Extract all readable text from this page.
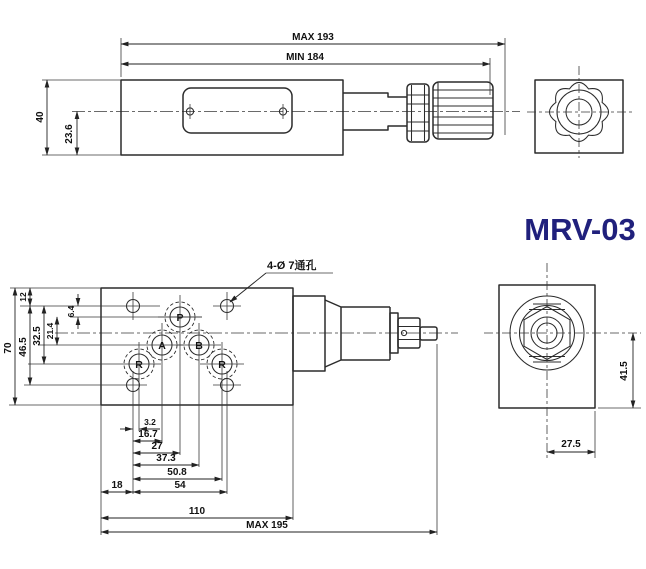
MAX 193
MIN 184
40
23.6
MRV-03
P
A	B
R	R
4-Ø 7通孔
70
12
46.5
32.5 21.4
6.4
3.2
16.7
27
37.3
50.8
18	54
110
MAX 195
41.5
27.5
